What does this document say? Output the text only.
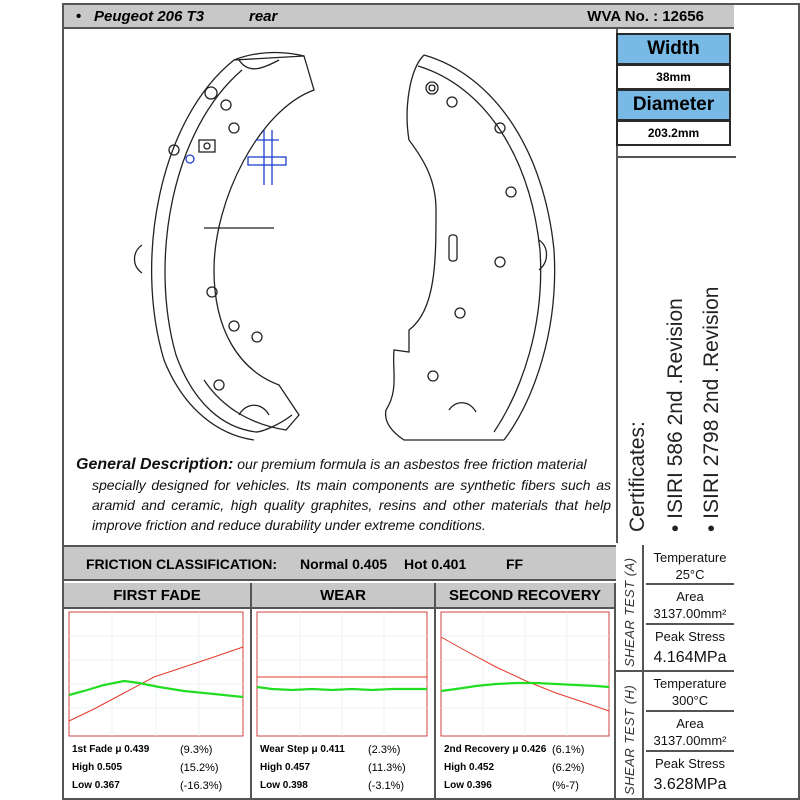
• Peugeot 206 T3	rear	WVA No. : 12656
Width
38mm
Diameter
203.2mm
Certificates: • ISIRI 586 2nd .Revision • ISIRI 2798 2nd .Revision
General Description: our premium formula is an asbestos free friction material
specially designed for vehicles. Its main components are synthetic fibers such as aramid and ceramic, high quality graphites, resins and other materials that help improve friction and reduce durability under extreme conditions.
FRICTION CLASSIFICATION: Normal 0.405 Hot 0.401	FF
FIRST FADE
1st Fade μ 0.439	(9.3%)
High 0.505	(15.2%)
Low 0.367	(-16.3%)
WEAR
Wear Step μ 0.411 (2.3%)
High 0.457	(11.3%)
Low 0.398	(-3.1%)
SECOND RECOVERY
2nd Recovery μ 0.426 (6.1%)
High 0.452	(6.2%)
Low 0.396	(%-7)
SHEAR TEST (A)
SHEAR TEST (H)
Temperature
25°C
Area
3137.00mm²
Peak Stress
4.164MPa
Temperature
300°C
Area
3137.00mm²
Peak Stress
3.628MPa
